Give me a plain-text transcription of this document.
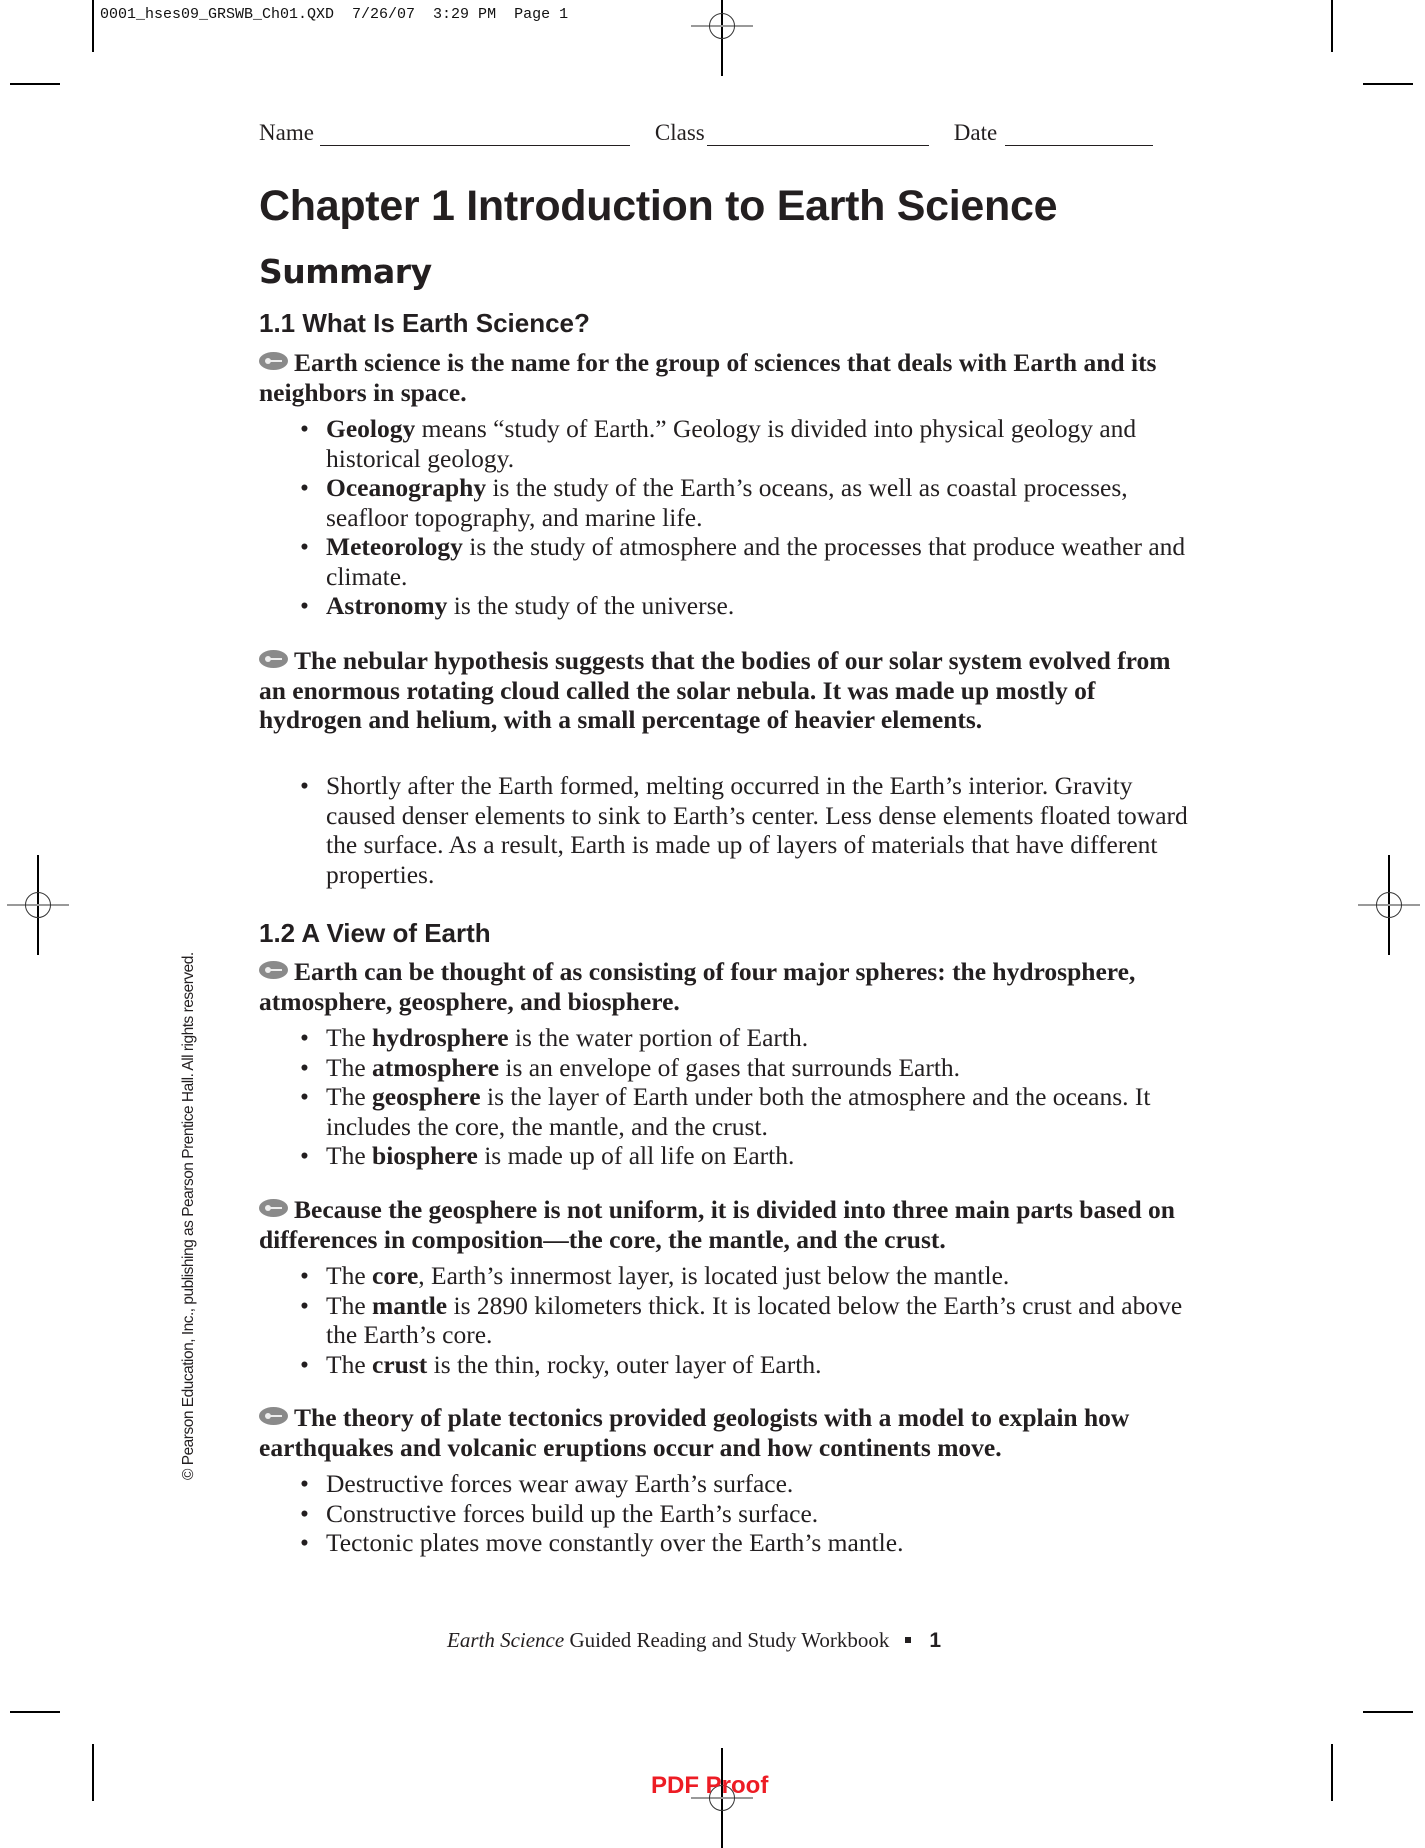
0001_hses09_GRSWB_Ch01.QXD  7/26/07  3:29 PM  Page 1
© Pearson Education, Inc., publishing as Pearson Prentice Hall. All rights reserved.
Name	Class	Date
Chapter 1 Introduction to Earth Science
Summary
1.1 What Is Earth Science?
Earth science is the name for the group of sciences that deals with Earth and its neighbors in space.
• Geology means “study of Earth.” Geology is divided into physical geology and historical geology.
• Oceanography is the study of the Earth’s oceans, as well as coastal processes, seafloor topography, and marine life.
• Meteorology is the study of atmosphere and the processes that produce weather and climate.
• Astronomy is the study of the universe.
The nebular hypothesis suggests that the bodies of our solar system evolved from an enormous rotating cloud called the solar nebula. It was made up mostly of hydrogen and helium, with a small percentage of heavier elements.
• Shortly after the Earth formed, melting occurred in the Earth’s interior. Gravity caused denser elements to sink to Earth’s center. Less dense elements floated toward the surface. As a result, Earth is made up of layers of materials that have different properties.
1.2 A View of Earth
Earth can be thought of as consisting of four major spheres: the hydrosphere, atmosphere, geosphere, and biosphere.
• The hydrosphere is the water portion of Earth.
• The atmosphere is an envelope of gases that surrounds Earth.
• The geosphere is the layer of Earth under both the atmosphere and the oceans. It includes the core, the mantle, and the crust.
• The biosphere is made up of all life on Earth.
Because the geosphere is not uniform, it is divided into three main parts based on differences in composition—the core, the mantle, and the crust.
• The core, Earth’s innermost layer, is located just below the mantle.
• The mantle is 2890 kilometers thick. It is located below the Earth’s crust and above the Earth’s core.
• The crust is the thin, rocky, outer layer of Earth.
The theory of plate tectonics provided geologists with a model to explain how earthquakes and volcanic eruptions occur and how continents move.
• Destructive forces wear away Earth’s surface.
• Constructive forces build up the Earth’s surface.
• Tectonic plates move constantly over the Earth’s mantle.
Earth Science Guided Reading and Study Workbook 1
PDF Proof
